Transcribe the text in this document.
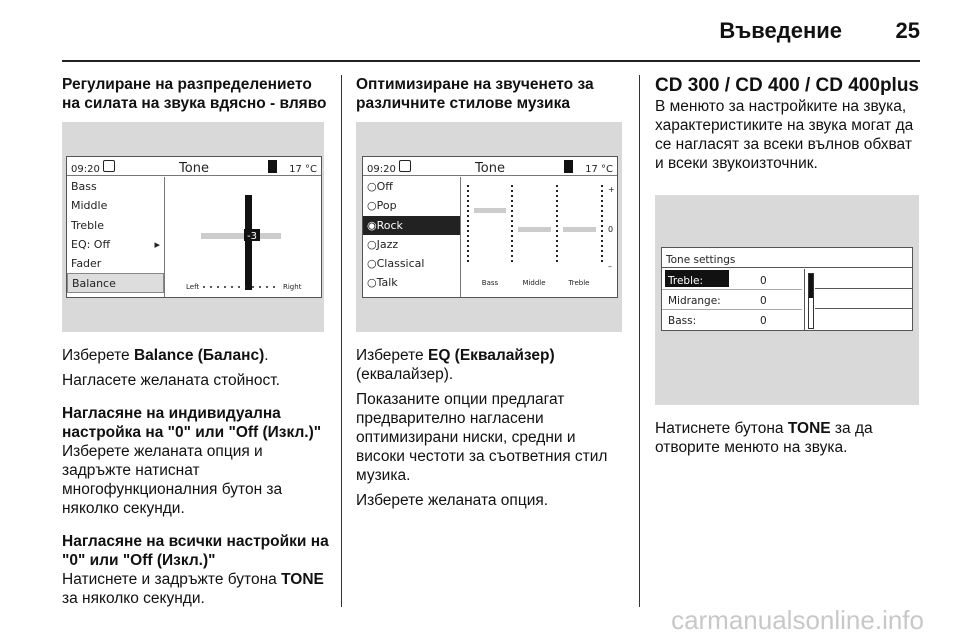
Въведение 25
Регулиране на разпределението на силата на звука вдясно - вляво
09:20	Tone	17 °C
Bass
Middle
Treble
EQ: Off	▸
Fader
Balance
-3
Left	Right
Изберете Balance (Баланс).
Нагласете желаната стойност.
Нагласяне на индивидуална настройка на "0" или "Off (Изкл.)"
Изберете желаната опция и задръжте натиснат многофункционалния бутон за няколко секунди.
Нагласяне на всички настройки на "0" или "Off (Изкл.)"
Натиснете и задръжте бутона TONE за няколко секунди.
Оптимизиране на звученето за различните стилове музика
09:20	Tone	17 °C
○Off
○Pop
◉Rock
○Jazz
○Classical
○Talk
+
0
–
Bass	Middle	Treble
Изберете EQ (Еквалайзер) (еквалайзер).
Показаните опции предлагат предварително нагласени оптимизирани ниски, средни и високи честоти за съответния стил музика.
Изберете желаната опция.
CD 300 / CD 400 / CD 400plus
В менюто за настройките на звука, характеристиките на звука могат да се нагласят за всеки вълнов обхват и всеки звукоизточник.
Tone settings
Treble:	0
Midrange:	0
Bass:	0
Натиснете бутона TONE за да отворите менюто на звука.
carmanualsonline.info
